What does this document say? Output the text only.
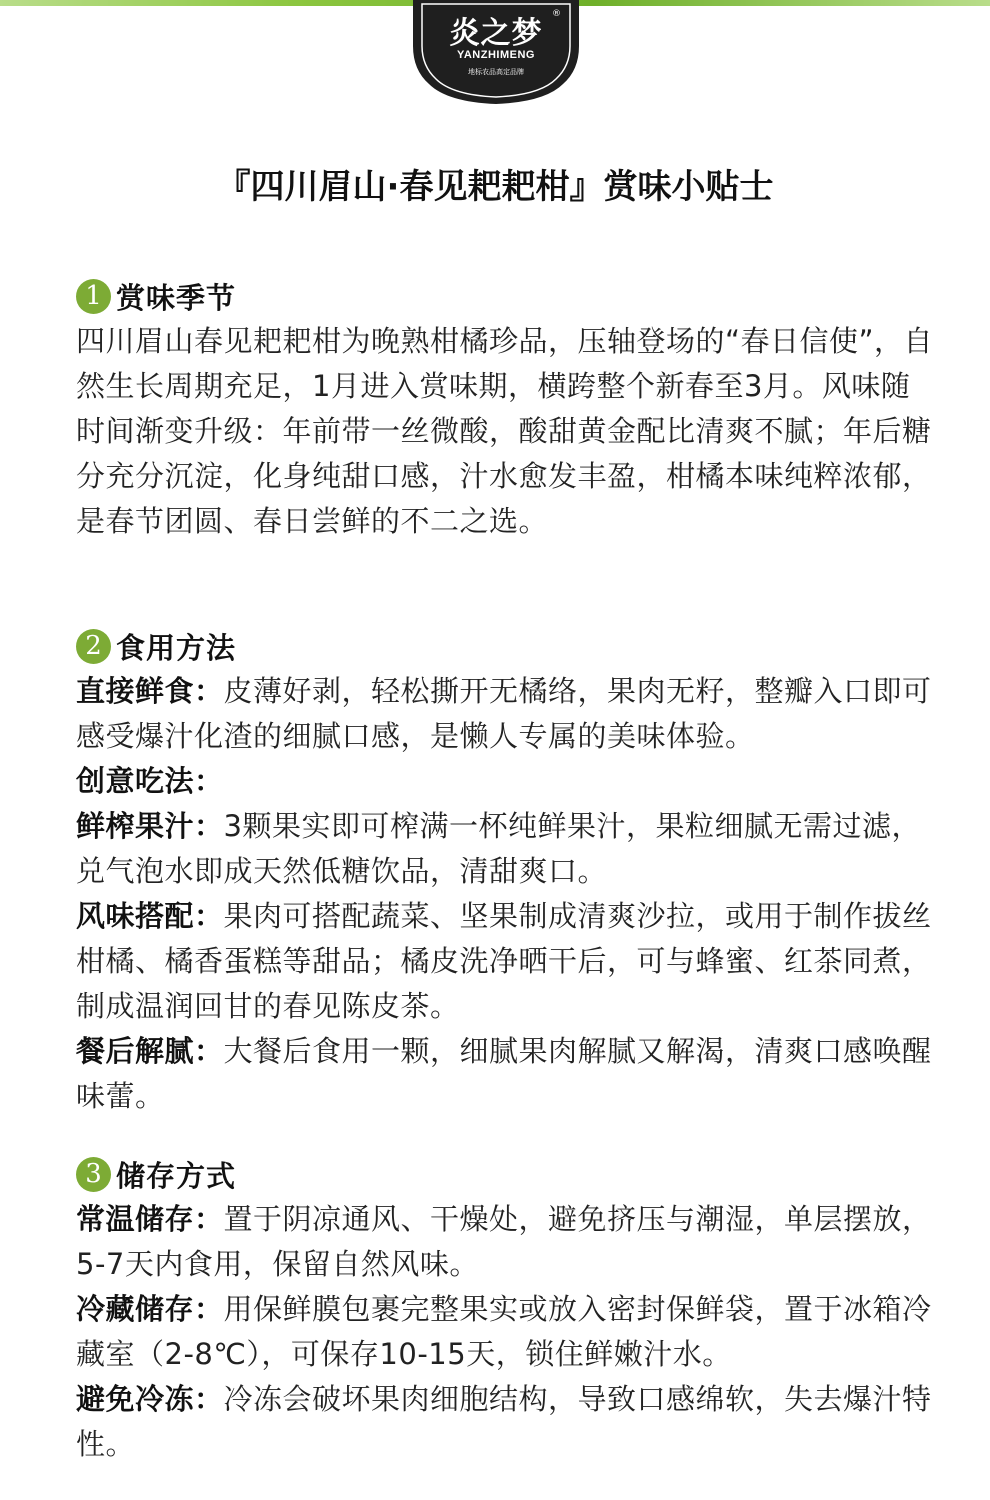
炎之梦
®
YANZHIMENG
地标农品高定品牌
『四川眉山·春见耙耙柑』赏味小贴士
1 赏味季节

四川眉山春见耙耙柑为晚熟柑橘珍品，压轴登场的“春日信使”，自然生长周期充足，1月进入赏味期，横跨整个新春至3月。风味随时间渐变升级：年前带一丝微酸，酸甜黄金配比清爽不腻；年后糖分充分沉淀，化身纯甜口感，汁水愈发丰盈，柑橘本味纯粹浓郁，是春节团圆、春日尝鲜的不二之选。

2 食用方法

直接鲜食：皮薄好剥，轻松撕开无橘络，果肉无籽，整瓣入口即可感受爆汁化渣的细腻口感，是懒人专属的美味体验。

创意吃法：

鲜榨果汁：3颗果实即可榨满一杯纯鲜果汁，果粒细腻无需过滤，兑气泡水即成天然低糖饮品，清甜爽口。

风味搭配：果肉可搭配蔬菜、坚果制成清爽沙拉，或用于制作拔丝柑橘、橘香蛋糕等甜品；橘皮洗净晒干后，可与蜂蜜、红茶同煮，制成温润回甘的春见陈皮茶。

餐后解腻：大餐后食用一颗，细腻果肉解腻又解渴，清爽口感唤醒味蕾。

3 储存方式

常温储存：置于阴凉通风、干燥处，避免挤压与潮湿，单层摆放，5-7天内食用，保留自然风味。

冷藏储存：用保鲜膜包裹完整果实或放入密封保鲜袋，置于冰箱冷藏室（2-8℃），可保存10-15天，锁住鲜嫩汁水。

避免冷冻：冷冻会破坏果肉细胞结构，导致口感绵软，失去爆汁特性。
